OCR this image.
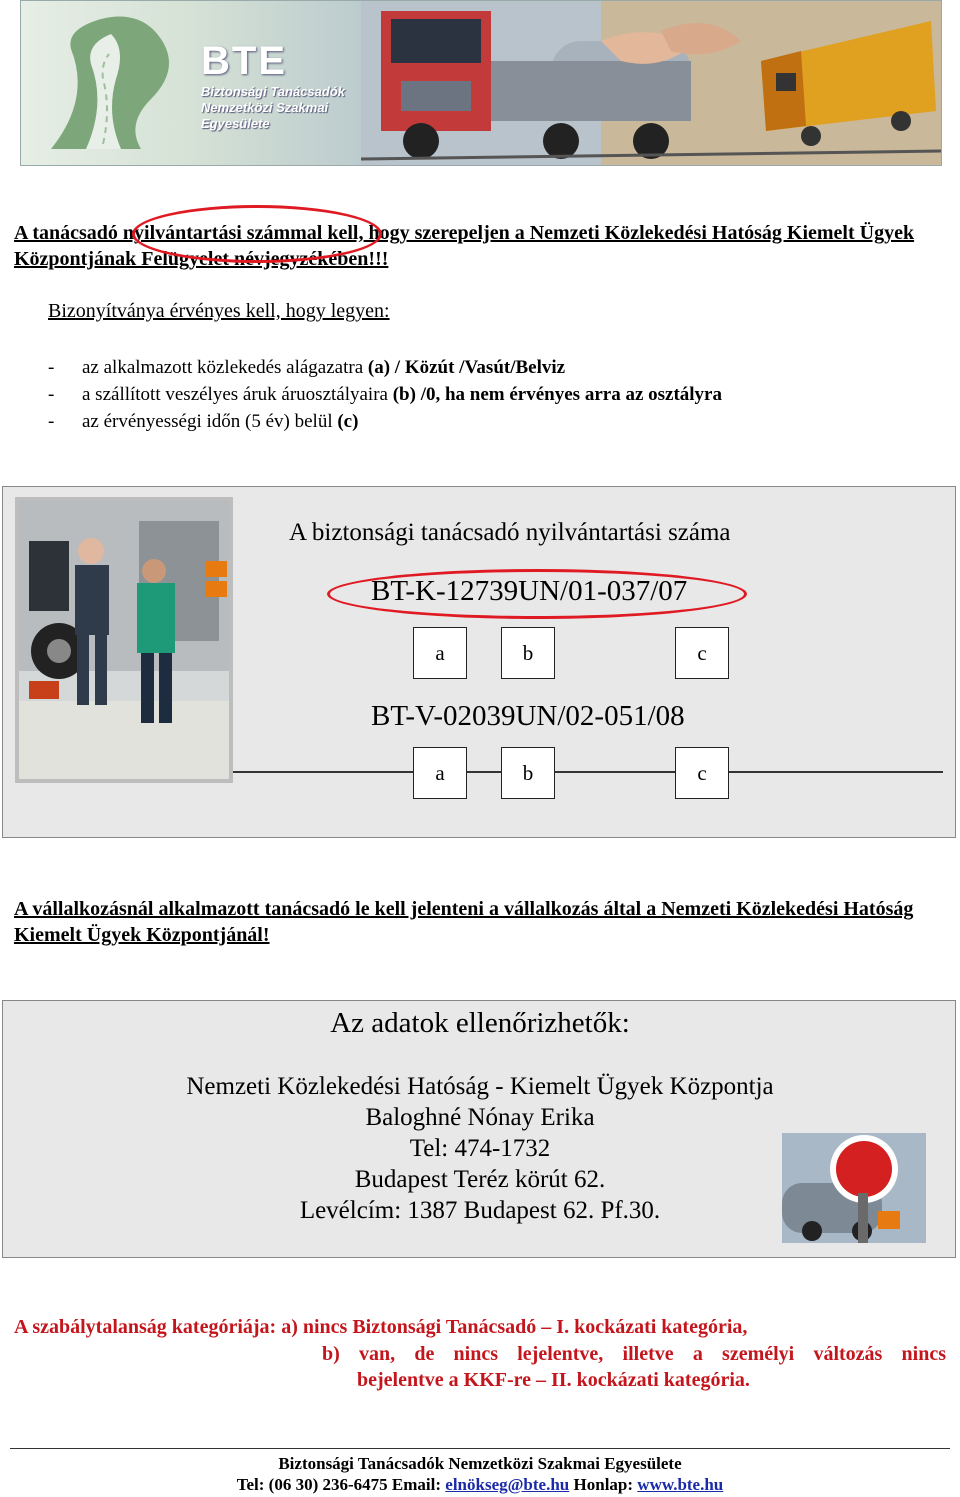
BTE
Biztonsági Tanácsadók
Nemzetközi Szakmai
Egyesülete

A tanácsadó nyilvántartási számmal kell, hogy szerepeljen a Nemzeti Közlekedési Hatóság Kiemelt Ügyek Központjának Felügyelet névjegyzékében!!!

Bizonyítványa érvényes kell, hogy legyen:

-	az alkalmazott közlekedés alágazatra (a) / Közút /Vasút/Belviz
-	a szállított veszélyes áruk áruosztályaira (b) /0, ha nem érvényes arra az osztályra
-	az érvényességi időn (5 év) belül (c)
A biztonsági tanácsadó nyilvántartási száma
BT-K-12739UN/01-037/07
a	b	c
BT-V-02039UN/02-051/08
a	b	c

A vállalkozásnál alkalmazott tanácsadó le kell jelenteni a vállalkozás által a Nemzeti Közlekedési Hatóság Kiemelt Ügyek Központjánál!

Az adatok ellenőrizhetők:
Nemzeti Közlekedési Hatóság - Kiemelt Ügyek Központja
Baloghné Nónay Erika
Tel: 474-1732
Budapest Teréz körút 62.
Levélcím: 1387 Budapest 62. Pf.30.
A szabálytalanság kategóriája: a) nincs Biztonsági Tanácsadó – I. kockázati kategória,
b) van, de nincs lejelentve, illetve a személyi változás nincs
bejelentve a KKF-re – II. kockázati kategória.
Biztonsági Tanácsadók Nemzetközi Szakmai Egyesülete
Tel: (06 30) 236-6475 Email: elnökseg@bte.hu Honlap: www.bte.hu
